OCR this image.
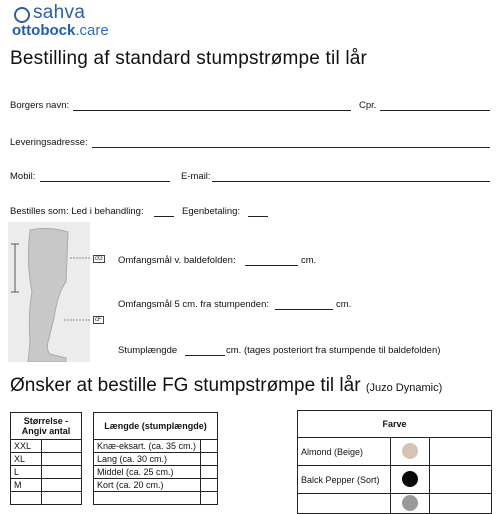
sahva
ottobock.care
Bestilling af standard stumpstrømpe til lår
Borgers navn:	Cpr.
Leveringsadresse:
Mobil:	E-mail:
Bestilles som: Led i behandling:	Egenbetaling:
cG
cF
Omfangsmål v. baldefolden:	cm.
Omfangsmål 5 cm. fra stumpenden:	cm.
Stumplængde	cm. (tages posteriort fra stumpende til baldefolden)
Ønsker at bestille FG stumpstrømpe til lår (Juzo Dynamic)
Størrelse - Angiv antal	
XXL	
XL	
L	
M	

Længde (stumplængde)	
Knæ-eksart. (ca. 35 cm.)	
Lang (ca. 30 cm.)	
Middel (ca. 25 cm.)	
Kort (ca. 20 cm.)	

Farve		
Almond (Beige)		
Balck Pepper (Sort)		
